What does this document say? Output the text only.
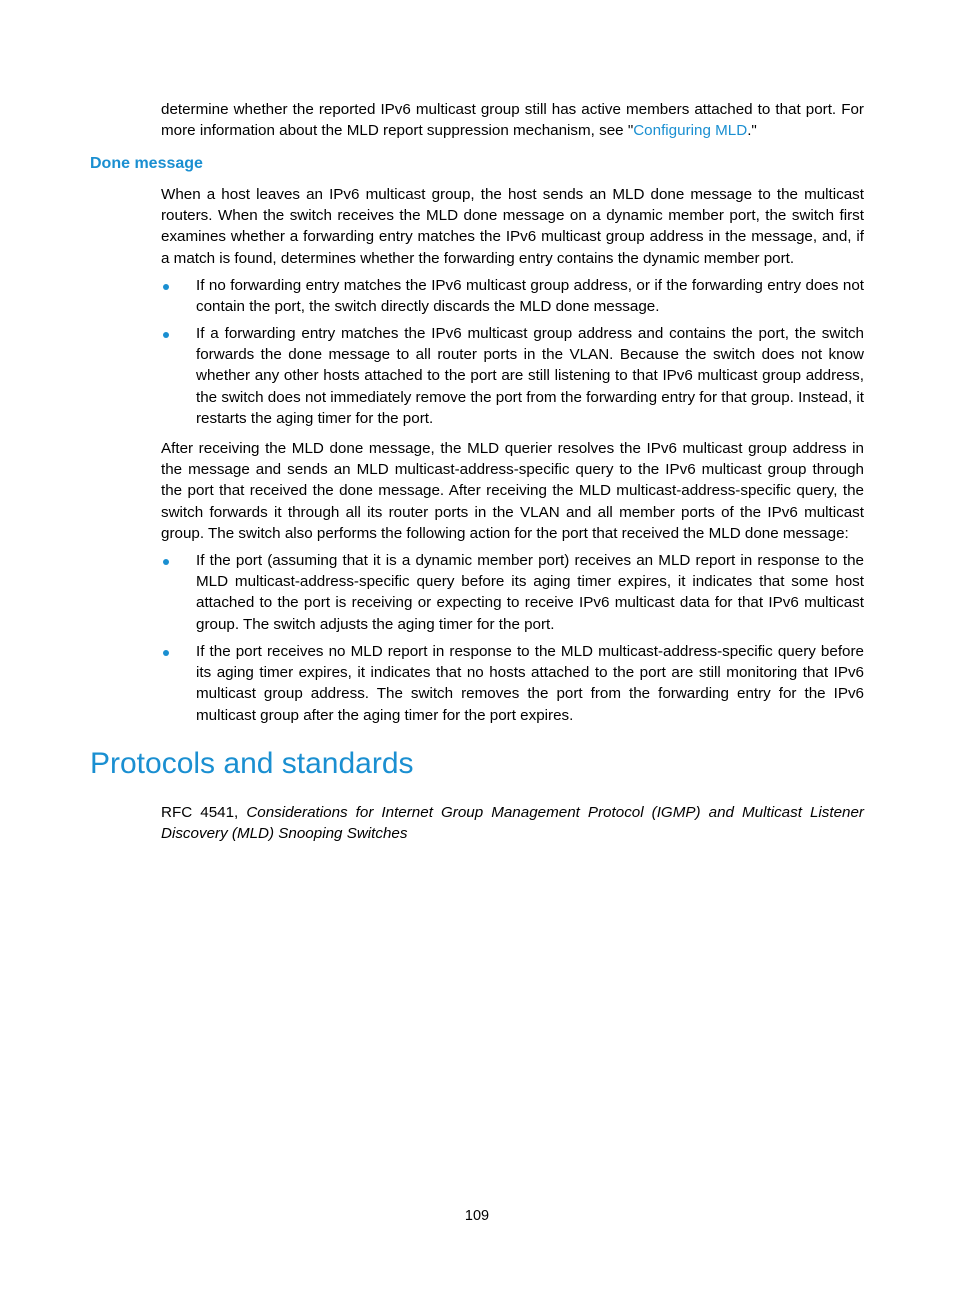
determine whether the reported IPv6 multicast group still has active members attached to that port. For more information about the MLD report suppression mechanism, see "Configuring MLD."

Done message

When a host leaves an IPv6 multicast group, the host sends an MLD done message to the multicast routers. When the switch receives the MLD done message on a dynamic member port, the switch first examines whether a forwarding entry matches the IPv6 multicast group address in the message, and, if a match is found, determines whether the forwarding entry contains the dynamic member port.

If no forwarding entry matches the IPv6 multicast group address, or if the forwarding entry does not contain the port, the switch directly discards the MLD done message.

If a forwarding entry matches the IPv6 multicast group address and contains the port, the switch forwards the done message to all router ports in the VLAN. Because the switch does not know whether any other hosts attached to the port are still listening to that IPv6 multicast group address, the switch does not immediately remove the port from the forwarding entry for that group. Instead, it restarts the aging timer for the port.

After receiving the MLD done message, the MLD querier resolves the IPv6 multicast group address in the message and sends an MLD multicast-address-specific query to the IPv6 multicast group through the port that received the done message. After receiving the MLD multicast-address-specific query, the switch forwards it through all its router ports in the VLAN and all member ports of the IPv6 multicast group. The switch also performs the following action for the port that received the MLD done message:

If the port (assuming that it is a dynamic member port) receives an MLD report in response to the MLD multicast-address-specific query before its aging timer expires, it indicates that some host attached to the port is receiving or expecting to receive IPv6 multicast data for that IPv6 multicast group. The switch adjusts the aging timer for the port.

If the port receives no MLD report in response to the MLD multicast-address-specific query before its aging timer expires, it indicates that no hosts attached to the port are still monitoring that IPv6 multicast group address. The switch removes the port from the forwarding entry for the IPv6 multicast group after the aging timer for the port expires.

Protocols and standards

RFC 4541, Considerations for Internet Group Management Protocol (IGMP) and Multicast Listener Discovery (MLD) Snooping Switches

109
